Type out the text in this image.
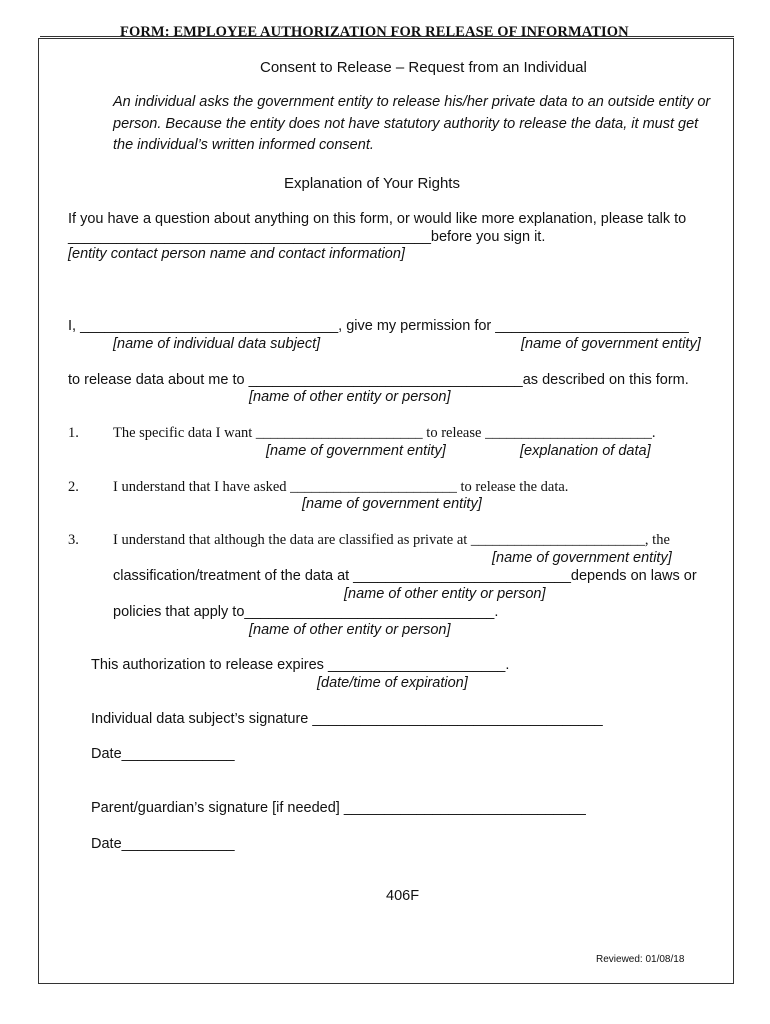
FORM: EMPLOYEE AUTHORIZATION FOR RELEASE OF INFORMATION
Consent to Release – Request from an Individual
An individual asks the government entity to release his/her private data to an outside entity or
person. Because the entity does not have statutory authority to release the data, it must get
the individual’s written informed consent.
Explanation of Your Rights
If you have a question about anything on this form, or would like more explanation, please talk to
_____________________________________________before you sign it.
[entity contact person name and contact information]
I, ________________________________, give my permission for ________________________
[name of individual data subject]	[name of government entity]
to release data about me to __________________________________as described on this form.
[name of other entity or person]
1. The specific data I want _______________________ to release _______________________.
[name of government entity]	[explanation of data]
2. I understand that I have asked _______________________ to release the data.
[name of government entity]
3. I understand that although the data are classified as private at ________________________, the
[name of government entity]
classification/treatment of the data at ___________________________depends on laws or
[name of other entity or person]
policies that apply to_______________________________.
[name of other entity or person]
This authorization to release expires ______________________.
[date/time of expiration]
Individual data subject’s signature ____________________________________
Date______________
Parent/guardian’s signature [if needed] ______________________________
Date______________
406F
Reviewed: 01/08/18
